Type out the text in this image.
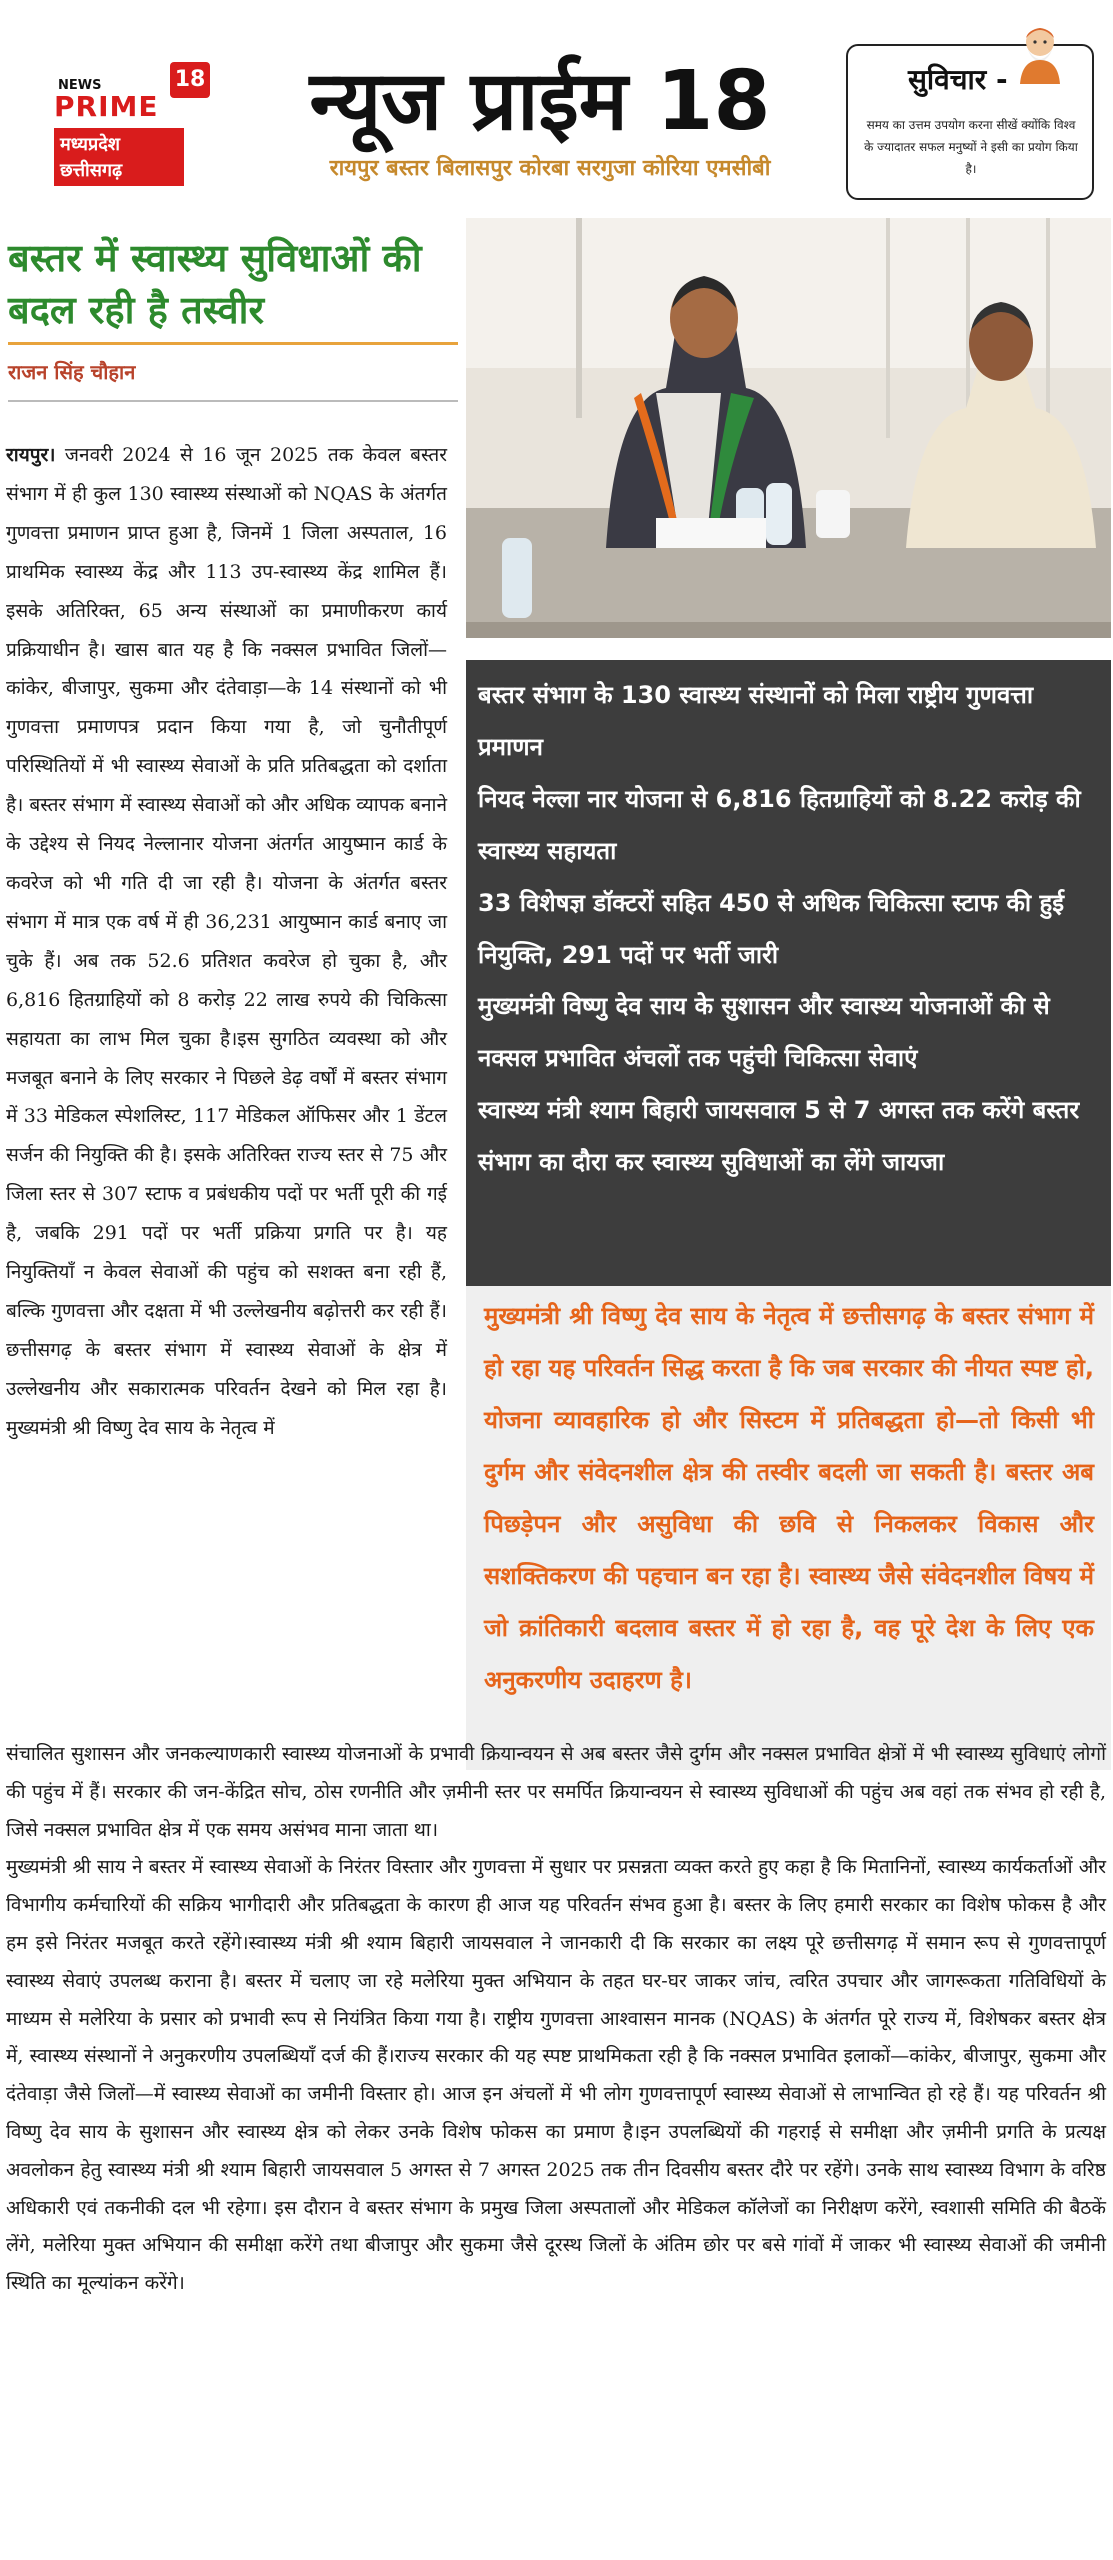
NEWS
PRIME
18
मध्यप्रदेश
छत्तीसगढ़
न्यूज प्राईम 18
रायपुर बस्तर बिलासपुर कोरबा सरगुजा कोरिया एमसीबी
सुविचार -
समय का उत्तम उपयोग करना सीखें क्योंकि विश्व के ज्यादातर सफल मनुष्यों ने इसी का प्रयोग किया है।
बस्तर में स्वास्थ्य सुविधाओं की बदल रही है तस्वीर
राजन सिंह चौहान

रायपुर। जनवरी 2024 से 16 जून 2025 तक केवल बस्तर संभाग में ही कुल 130 स्वास्थ्य संस्थाओं को NQAS के अंतर्गत गुणवत्ता प्रमाणन प्राप्त हुआ है, जिनमें 1 जिला अस्पताल, 16 प्राथमिक स्वास्थ्य केंद्र और 113 उप-स्वास्थ्य केंद्र शामिल हैं। इसके अतिरिक्त, 65 अन्य संस्थाओं का प्रमाणीकरण कार्य प्रक्रियाधीन है। खास बात यह है कि नक्सल प्रभावित जिलों—कांकेर, बीजापुर, सुकमा और दंतेवाड़ा—के 14 संस्थानों को भी गुणवत्ता प्रमाणपत्र प्रदान किया गया है, जो चुनौतीपूर्ण परिस्थितियों में भी स्वास्थ्य सेवाओं के प्रति प्रतिबद्धता को दर्शाता है। बस्तर संभाग में स्वास्थ्य सेवाओं को और अधिक व्यापक बनाने के उद्देश्य से नियद नेल्लानार योजना अंतर्गत आयुष्मान कार्ड के कवरेज को भी गति दी जा रही है। योजना के अंतर्गत बस्तर संभाग में मात्र एक वर्ष में ही 36,231 आयुष्मान कार्ड बनाए जा चुके हैं। अब तक 52.6 प्रतिशत कवरेज हो चुका है, और 6,816 हितग्राहियों को 8 करोड़ 22 लाख रुपये की चिकित्सा सहायता का लाभ मिल चुका है।इस सुगठित व्यवस्था को और मजबूत बनाने के लिए सरकार ने पिछले डेढ़ वर्षों में बस्तर संभाग में 33 मेडिकल स्पेशलिस्ट, 117 मेडिकल ऑफिसर और 1 डेंटल सर्जन की नियुक्ति की है। इसके अतिरिक्त राज्य स्तर से 75 और जिला स्तर से 307 स्टाफ व प्रबंधकीय पदों पर भर्ती पूरी की गई है, जबकि 291 पदों पर भर्ती प्रक्रिया प्रगति पर है। यह नियुक्तियाँ न केवल सेवाओं की पहुंच को सशक्त बना रही हैं, बल्कि गुणवत्ता और दक्षता में भी उल्लेखनीय बढ़ोत्तरी कर रही हैं। छत्तीसगढ़ के बस्तर संभाग में स्वास्थ्य सेवाओं के क्षेत्र में उल्लेखनीय और सकारात्मक परिवर्तन देखने को मिल रहा है। मुख्यमंत्री श्री विष्णु देव साय के नेतृत्व में

बस्तर संभाग के 130 स्वास्थ्य संस्थानों को मिला राष्ट्रीय गुणवत्ता प्रमाणन
नियद नेल्ला नार योजना से 6,816 हितग्राहियों को 8.22 करोड़ की स्वास्थ्य सहायता
33 विशेषज्ञ डॉक्टरों सहित 450 से अधिक चिकित्सा स्टाफ की हुई नियुक्ति, 291 पदों पर भर्ती जारी
मुख्यमंत्री विष्णु देव साय के सुशासन और स्वास्थ्य योजनाओं की से नक्सल प्रभावित अंचलों तक पहुंची चिकित्सा सेवाएं
स्वास्थ्य मंत्री श्याम बिहारी जायसवाल 5 से 7 अगस्त तक करेंगे बस्तर संभाग का दौरा कर स्वास्थ्य सुविधाओं का लेंगे जायजा

मुख्यमंत्री श्री विष्णु देव साय के नेतृत्व में छत्तीसगढ़ के बस्तर संभाग में हो रहा यह परिवर्तन सिद्ध करता है कि जब सरकार की नीयत स्पष्ट हो, योजना व्यावहारिक हो और सिस्टम में प्रतिबद्धता हो—तो किसी भी दुर्गम और संवेदनशील क्षेत्र की तस्वीर बदली जा सकती है। बस्तर अब पिछड़ेपन और असुविधा की छवि से निकलकर विकास और सशक्तिकरण की पहचान बन रहा है। स्वास्थ्य जैसे संवेदनशील विषय में जो क्रांतिकारी बदलाव बस्तर में हो रहा है, वह पूरे देश के लिए एक अनुकरणीय उदाहरण है।

संचालित सुशासन और जनकल्याणकारी स्वास्थ्य योजनाओं के प्रभावी क्रियान्वयन से अब बस्तर जैसे दुर्गम और नक्सल प्रभावित क्षेत्रों में भी स्वास्थ्य सुविधाएं लोगों की पहुंच में हैं। सरकार की जन-केंद्रित सोच, ठोस रणनीति और ज़मीनी स्तर पर समर्पित क्रियान्वयन से स्वास्थ्य सुविधाओं की पहुंच अब वहां तक संभव हो रही है, जिसे नक्सल प्रभावित क्षेत्र में एक समय असंभव माना जाता था।
मुख्यमंत्री श्री साय ने बस्तर में स्वास्थ्य सेवाओं के निरंतर विस्तार और गुणवत्ता में सुधार पर प्रसन्नता व्यक्त करते हुए कहा है कि मितानिनों, स्वास्थ्य कार्यकर्ताओं और विभागीय कर्मचारियों की सक्रिय भागीदारी और प्रतिबद्धता के कारण ही आज यह परिवर्तन संभव हुआ है। बस्तर के लिए हमारी सरकार का विशेष फोकस है और हम इसे निरंतर मजबूत करते रहेंगे।स्वास्थ्य मंत्री श्री श्याम बिहारी जायसवाल ने जानकारी दी कि सरकार का लक्ष्य पूरे छत्तीसगढ़ में समान रूप से गुणवत्तापूर्ण स्वास्थ्य सेवाएं उपलब्ध कराना है। बस्तर में चलाए जा रहे मलेरिया मुक्त अभियान के तहत घर-घर जाकर जांच, त्वरित उपचार और जागरूकता गतिविधियों के माध्यम से मलेरिया के प्रसार को प्रभावी रूप से नियंत्रित किया गया है। राष्ट्रीय गुणवत्ता आश्वासन मानक (NQAS) के अंतर्गत पूरे राज्य में, विशेषकर बस्तर क्षेत्र में, स्वास्थ्य संस्थानों ने अनुकरणीय उपलब्धियाँ दर्ज की हैं।राज्य सरकार की यह स्पष्ट प्राथमिकता रही है कि नक्सल प्रभावित इलाकों—कांकेर, बीजापुर, सुकमा और दंतेवाड़ा जैसे जिलों—में स्वास्थ्य सेवाओं का जमीनी विस्तार हो। आज इन अंचलों में भी लोग गुणवत्तापूर्ण स्वास्थ्य सेवाओं से लाभान्वित हो रहे हैं। यह परिवर्तन श्री विष्णु देव साय के सुशासन और स्वास्थ्य क्षेत्र को लेकर उनके विशेष फोकस का प्रमाण है।इन उपलब्धियों की गहराई से समीक्षा और ज़मीनी प्रगति के प्रत्यक्ष अवलोकन हेतु स्वास्थ्य मंत्री श्री श्याम बिहारी जायसवाल 5 अगस्त से 7 अगस्त 2025 तक तीन दिवसीय बस्तर दौरे पर रहेंगे। उनके साथ स्वास्थ्य विभाग के वरिष्ठ अधिकारी एवं तकनीकी दल भी रहेगा। इस दौरान वे बस्तर संभाग के प्रमुख जिला अस्पतालों और मेडिकल कॉलेजों का निरीक्षण करेंगे, स्वशासी समिति की बैठकें लेंगे, मलेरिया मुक्त अभियान की समीक्षा करेंगे तथा बीजापुर और सुकमा जैसे दूरस्थ जिलों के अंतिम छोर पर बसे गांवों में जाकर भी स्वास्थ्य सेवाओं की जमीनी स्थिति का मूल्यांकन करेंगे।
